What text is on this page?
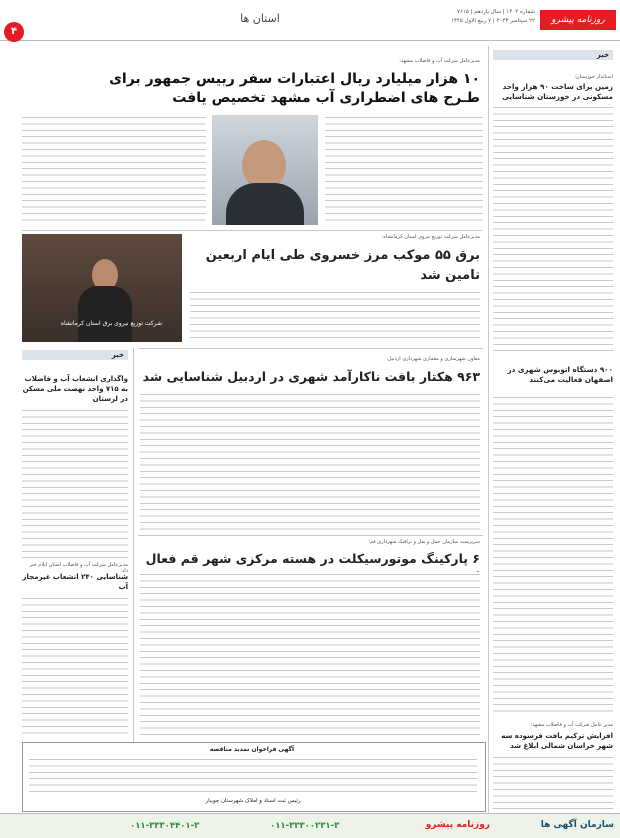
۴
استان ها	روزنامه پیشرو
شماره ۱۴۰۲ | سال یازدهم | ۷۶۱۵
۲۲ سپتامبر ۲۰۲۳ | ۷ ربیع الاول ۱۴۴۵
خبر
استاندار خوزستان:
زمین برای ساخت ۹۰ هزار واحد مسکونی در خوزستان شناسایی
۹۰۰ دستگاه اتوبوس شهری در اصفهان فعالیت می‌کنند
مدیر عامل شرکت آب و فاضلاب مشهد:
افزایش ترکیم بافت فرسوده سه شهر خراسان شمالی ابلاغ شد
مدیرعامل شرکت آب و فاضلاب مشهد:
۱۰ هزار میلیارد ریال اعتبارات سفر رییس جمهور برای طـرح های اضطراری آب مشهد تخصیص یافت
مدیرعامل شرکت توزیع نیروی استان کرمانشاه:
برق ۵۵ موکب مرز خسروی طی ایام اربعین تامین شد
شرکت توزیع نیروی برق استان کرمانشاه
خبر
واگذاری انشعاب آب و فاضلاب به ۷۱۵ واحد نهضت ملی مسکن در لرستان
مدیرعامل شرکت آب و فاضلاب استان ایلام خبر داد:
شناسایی ۲۴۰ انشعاب غیرمجاز آب
معاون شهرسازی و معماری شهرداری اردبیل:
۹۶۳ هکتار بافت ناکارآمد شهری در اردبیل شناسایی شد
سرپرست سازمان حمل و نقل و ترافیک شهرداری قم:
۶ پارکینگ موتورسیکلت در هسته مرکزی شهر قم فعال
آگهی فراخوان تمدید مناقصه
رئیس ثبت اسناد و املاک شهرستان جویبار
سازمان آگهی ها
روزنامه پیشرو
۰۱۱-۳۳۳۰۰۲۳۱-۳
۰۱۱-۳۳۳۰۴۴۰۱-۳
